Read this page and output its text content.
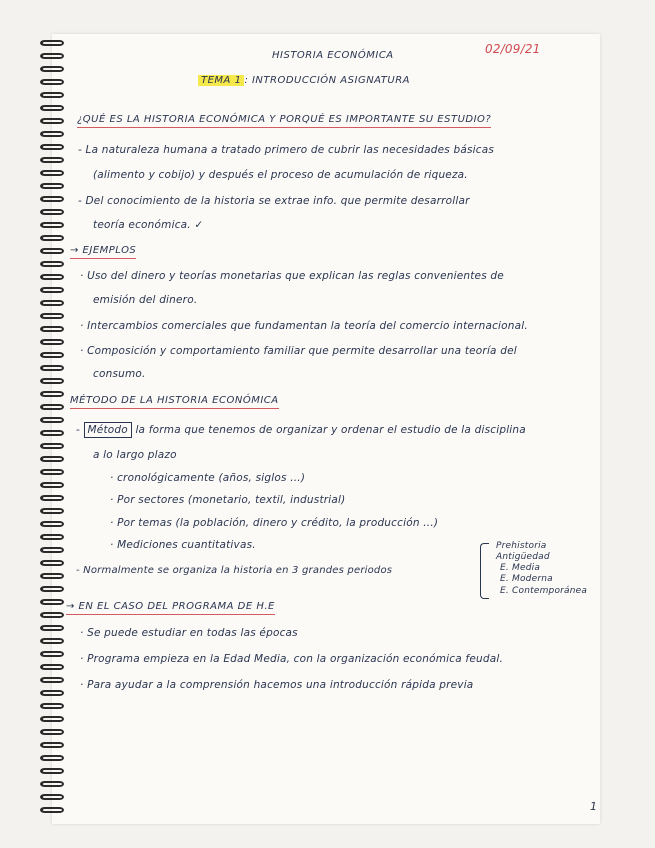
HISTORIA ECONÓMICA	02/09/21
TEMA 1 : INTRODUCCIÓN ASIGNATURA
¿QUÉ ES LA HISTORIA ECONÓMICA Y PORQUÉ ES IMPORTANTE SU ESTUDIO?
- La naturaleza humana a tratado primero de cubrir las necesidades básicas
(alimento y cobijo) y después el proceso de acumulación de riqueza.
- Del conocimiento de la historia se extrae info. que permite desarrollar
teoría económica. ✓
→ EJEMPLOS
· Uso del dinero y teorías monetarias que explican las reglas convenientes de
emisión del dinero.
· Intercambios comerciales que fundamentan la teoría del comercio internacional.
· Composición y comportamiento familiar que permite desarrollar una teoría del
consumo.
MÉTODO DE LA HISTORIA ECONÓMICA
- Método la forma que tenemos de organizar y ordenar el estudio de la disciplina
a lo largo plazo
· cronológicamente (años, siglos ...)
· Por sectores (monetario, textil, industrial)
· Por temas (la población, dinero y crédito, la producción ...)
· Mediciones cuantitativas.
- Normalmente se organiza la historia en 3 grandes periodos
Prehistoria
Antigüedad
E. Media
E. Moderna
E. Contemporánea
→ EN EL CASO DEL PROGRAMA DE H.E
· Se puede estudiar en todas las épocas
· Programa empieza en la Edad Media, con la organización económica feudal.
· Para ayudar a la comprensión hacemos una introducción rápida previa
1
